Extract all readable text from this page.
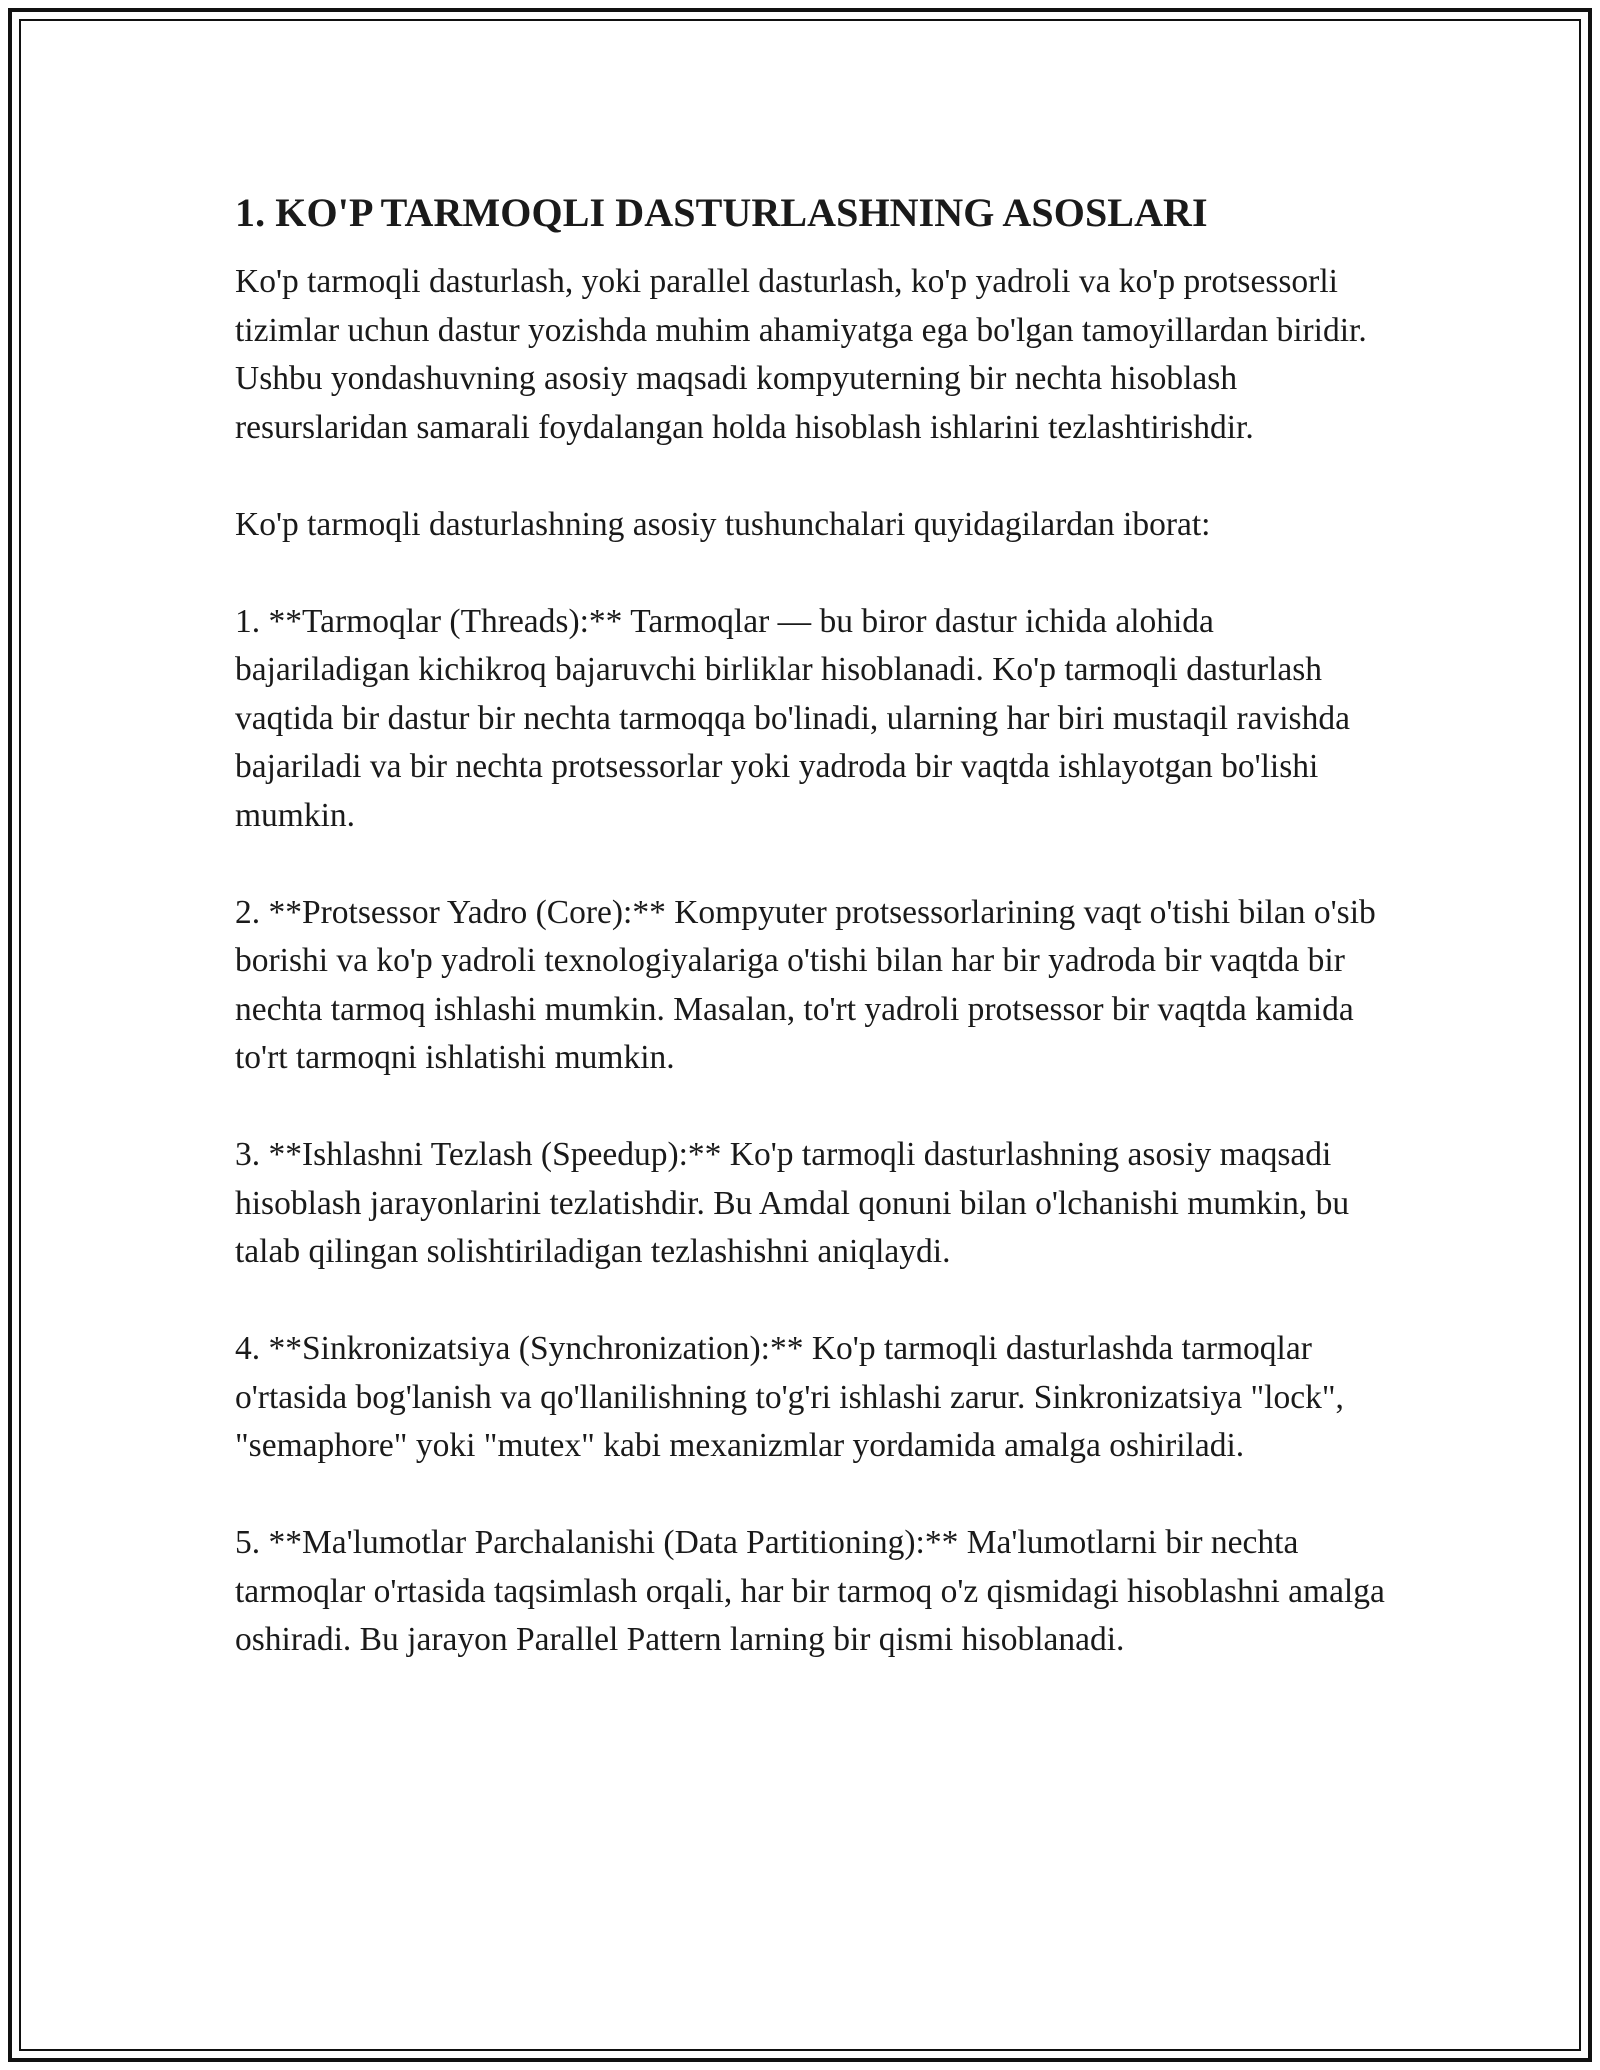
1. KO'P TARMOQLI DASTURLASHNING ASOSLARI

Ko'p tarmoqli dasturlash, yoki parallel dasturlash, ko'p yadroli va ko'p protsessorli tizimlar uchun dastur yozishda muhim ahamiyatga ega bo'lgan tamoyillardan biridir. Ushbu yondashuvning asosiy maqsadi kompyuterning bir nechta hisoblash resurslaridan samarali foydalangan holda hisoblash ishlarini tezlashtirishdir.

Ko'p tarmoqli dasturlashning asosiy tushunchalari quyidagilardan iborat:

1. **Tarmoqlar (Threads):** Tarmoqlar — bu biror dastur ichida alohida bajariladigan kichikroq bajaruvchi birliklar hisoblanadi. Ko'p tarmoqli dasturlash vaqtida bir dastur bir nechta tarmoqqa bo'linadi, ularning har biri mustaqil ravishda bajariladi va bir nechta protsessorlar yoki yadroda bir vaqtda ishlayotgan bo'lishi mumkin.

2. **Protsessor Yadro (Core):** Kompyuter protsessorlarining vaqt o'tishi bilan o'sib borishi va ko'p yadroli texnologiyalariga o'tishi bilan har bir yadroda bir vaqtda bir nechta tarmoq ishlashi mumkin. Masalan, to'rt yadroli protsessor bir vaqtda kamida to'rt tarmoqni ishlatishi mumkin.

3. **Ishlashni Tezlash (Speedup):** Ko'p tarmoqli dasturlashning asosiy maqsadi hisoblash jarayonlarini tezlatishdir. Bu Amdal qonuni bilan o'lchanishi mumkin, bu talab qilingan solishtiriladigan tezlashishni aniqlaydi.

4. **Sinkronizatsiya (Synchronization):** Ko'p tarmoqli dasturlashda tarmoqlar o'rtasida bog'lanish va qo'llanilishning to'g'ri ishlashi zarur. Sinkronizatsiya "lock", "semaphore" yoki "mutex" kabi mexanizmlar yordamida amalga oshiriladi.

5. **Ma'lumotlar Parchalanishi (Data Partitioning):** Ma'lumotlarni bir nechta tarmoqlar o'rtasida taqsimlash orqali, har bir tarmoq o'z qismidagi hisoblashni amalga oshiradi. Bu jarayon Parallel Pattern larning bir qismi hisoblanadi.
